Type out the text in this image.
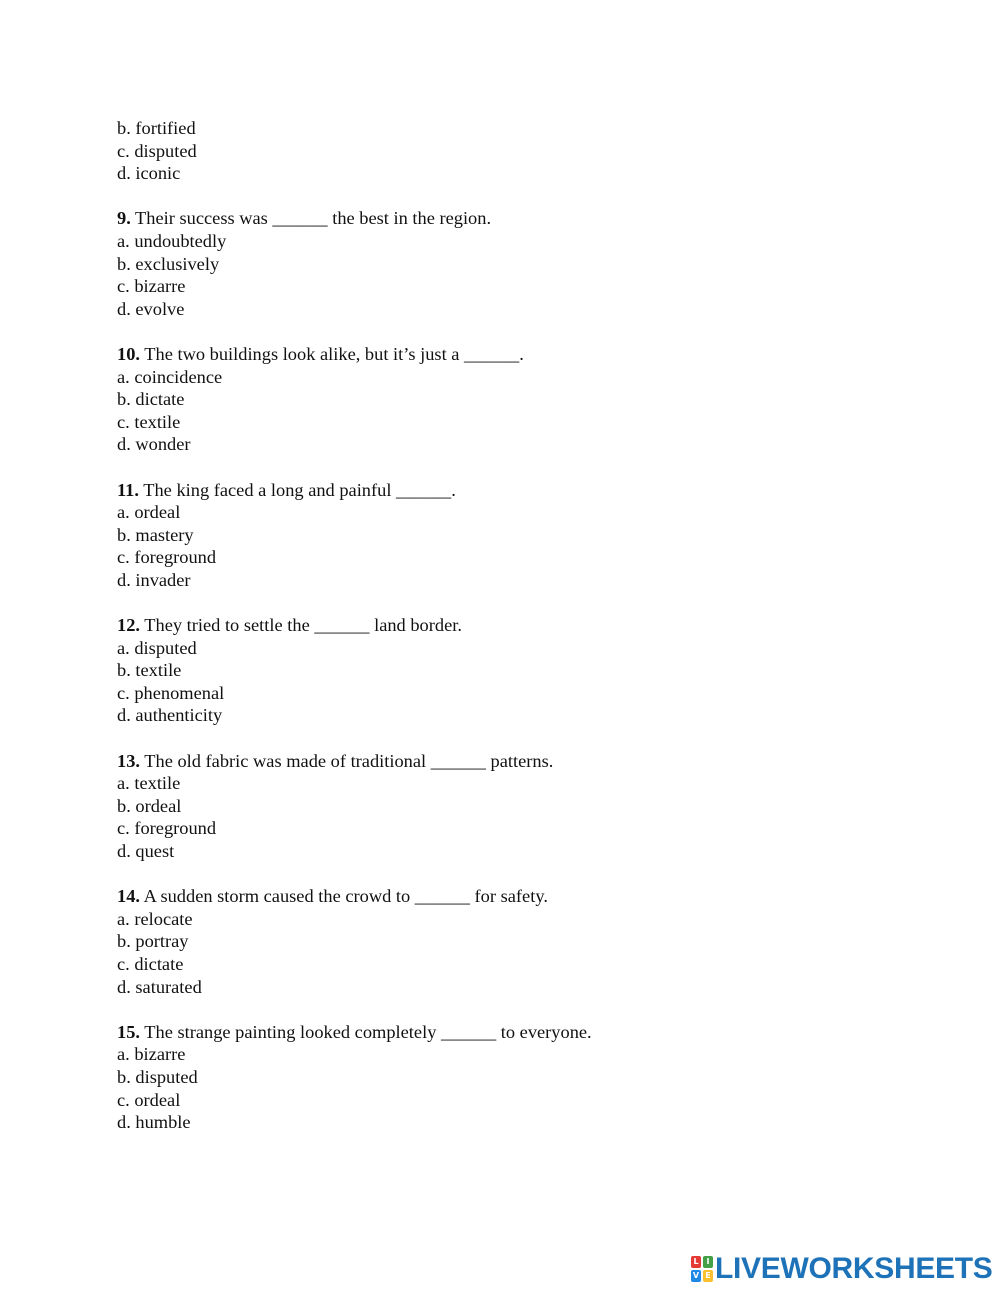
b. fortified
c. disputed
d. iconic
9. Their success was ______ the best in the region.
a. undoubtedly
b. exclusively
c. bizarre
d. evolve
10. The two buildings look alike, but it’s just a ______.
a. coincidence
b. dictate
c. textile
d. wonder
11. The king faced a long and painful ______.
a. ordeal
b. mastery
c. foreground
d. invader
12. They tried to settle the ______ land border.
a. disputed
b. textile
c. phenomenal
d. authenticity
13. The old fabric was made of traditional ______ patterns.
a. textile
b. ordeal
c. foreground
d. quest
14. A sudden storm caused the crowd to ______ for safety.
a. relocate
b. portray
c. dictate
d. saturated
15. The strange painting looked completely ______ to everyone.
a. bizarre
b. disputed
c. ordeal
d. humble
L I
V E LIVEWORKSHEETS
